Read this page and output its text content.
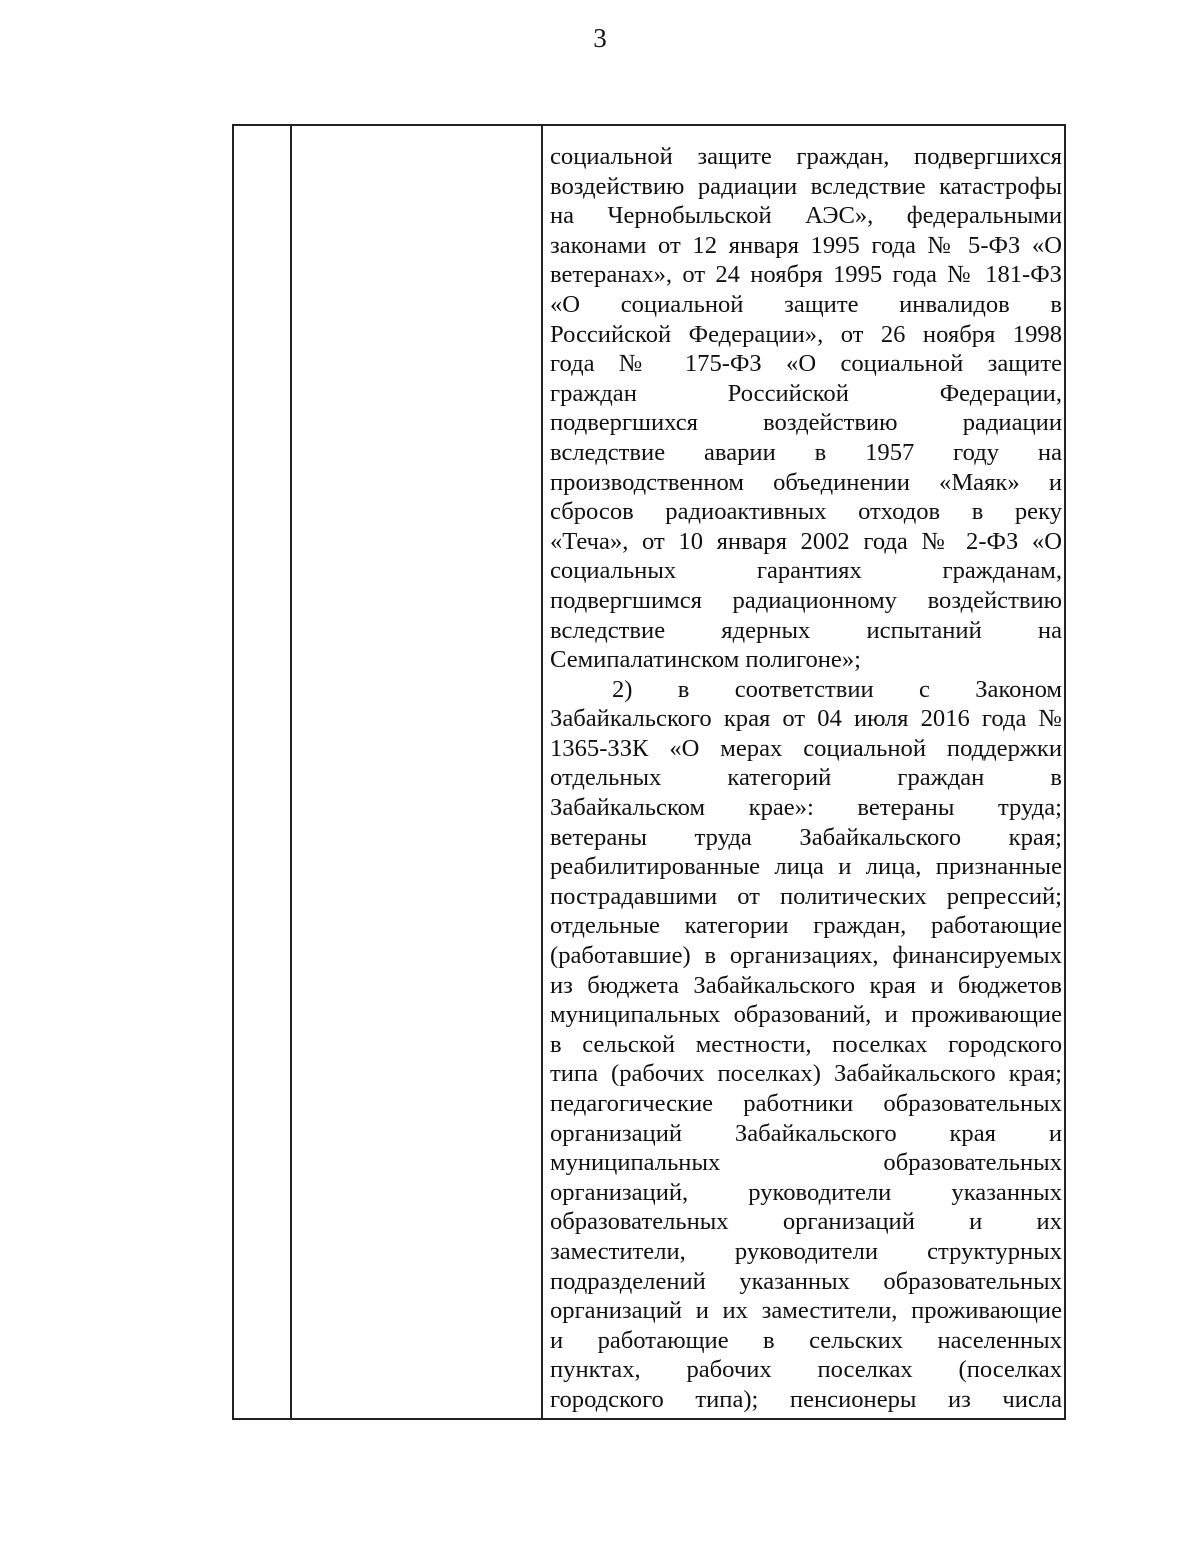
3
социальной защите граждан, подвергшихся
воздействию радиации вследствие катастрофы
на Чернобыльской АЭС», федеральными
законами от 12 января 1995 года № 5-ФЗ «О
ветеранах», от 24 ноября 1995 года № 181-ФЗ
«О социальной защите инвалидов в
Российской Федерации», от 26 ноября 1998
года № 175-ФЗ «О социальной защите
граждан Российской Федерации,
подвергшихся воздействию радиации
вследствие аварии в 1957 году на
производственном объединении «Маяк» и
сбросов радиоактивных отходов в реку
«Теча», от 10 января 2002 года № 2-ФЗ «О
социальных гарантиях гражданам,
подвергшимся радиационному воздействию
вследствие ядерных испытаний на
Семипалатинском полигоне»;
2) в соответствии с Законом
Забайкальского края от 04 июля 2016 года №
1365-ЗЗК «О мерах социальной поддержки
отдельных категорий граждан в
Забайкальском крае»: ветераны труда;
ветераны труда Забайкальского края;
реабилитированные лица и лица, признанные
пострадавшими от политических репрессий;
отдельные категории граждан, работающие
(работавшие) в организациях, финансируемых
из бюджета Забайкальского края и бюджетов
муниципальных образований, и проживающие
в сельской местности, поселках городского
типа (рабочих поселках) Забайкальского края;
педагогические работники образовательных
организаций Забайкальского края и
муниципальных образовательных
организаций, руководители указанных
образовательных организаций и их
заместители, руководители структурных
подразделений указанных образовательных
организаций и их заместители, проживающие
и работающие в сельских населенных
пунктах, рабочих поселках (поселках
городского типа); пенсионеры из числа
